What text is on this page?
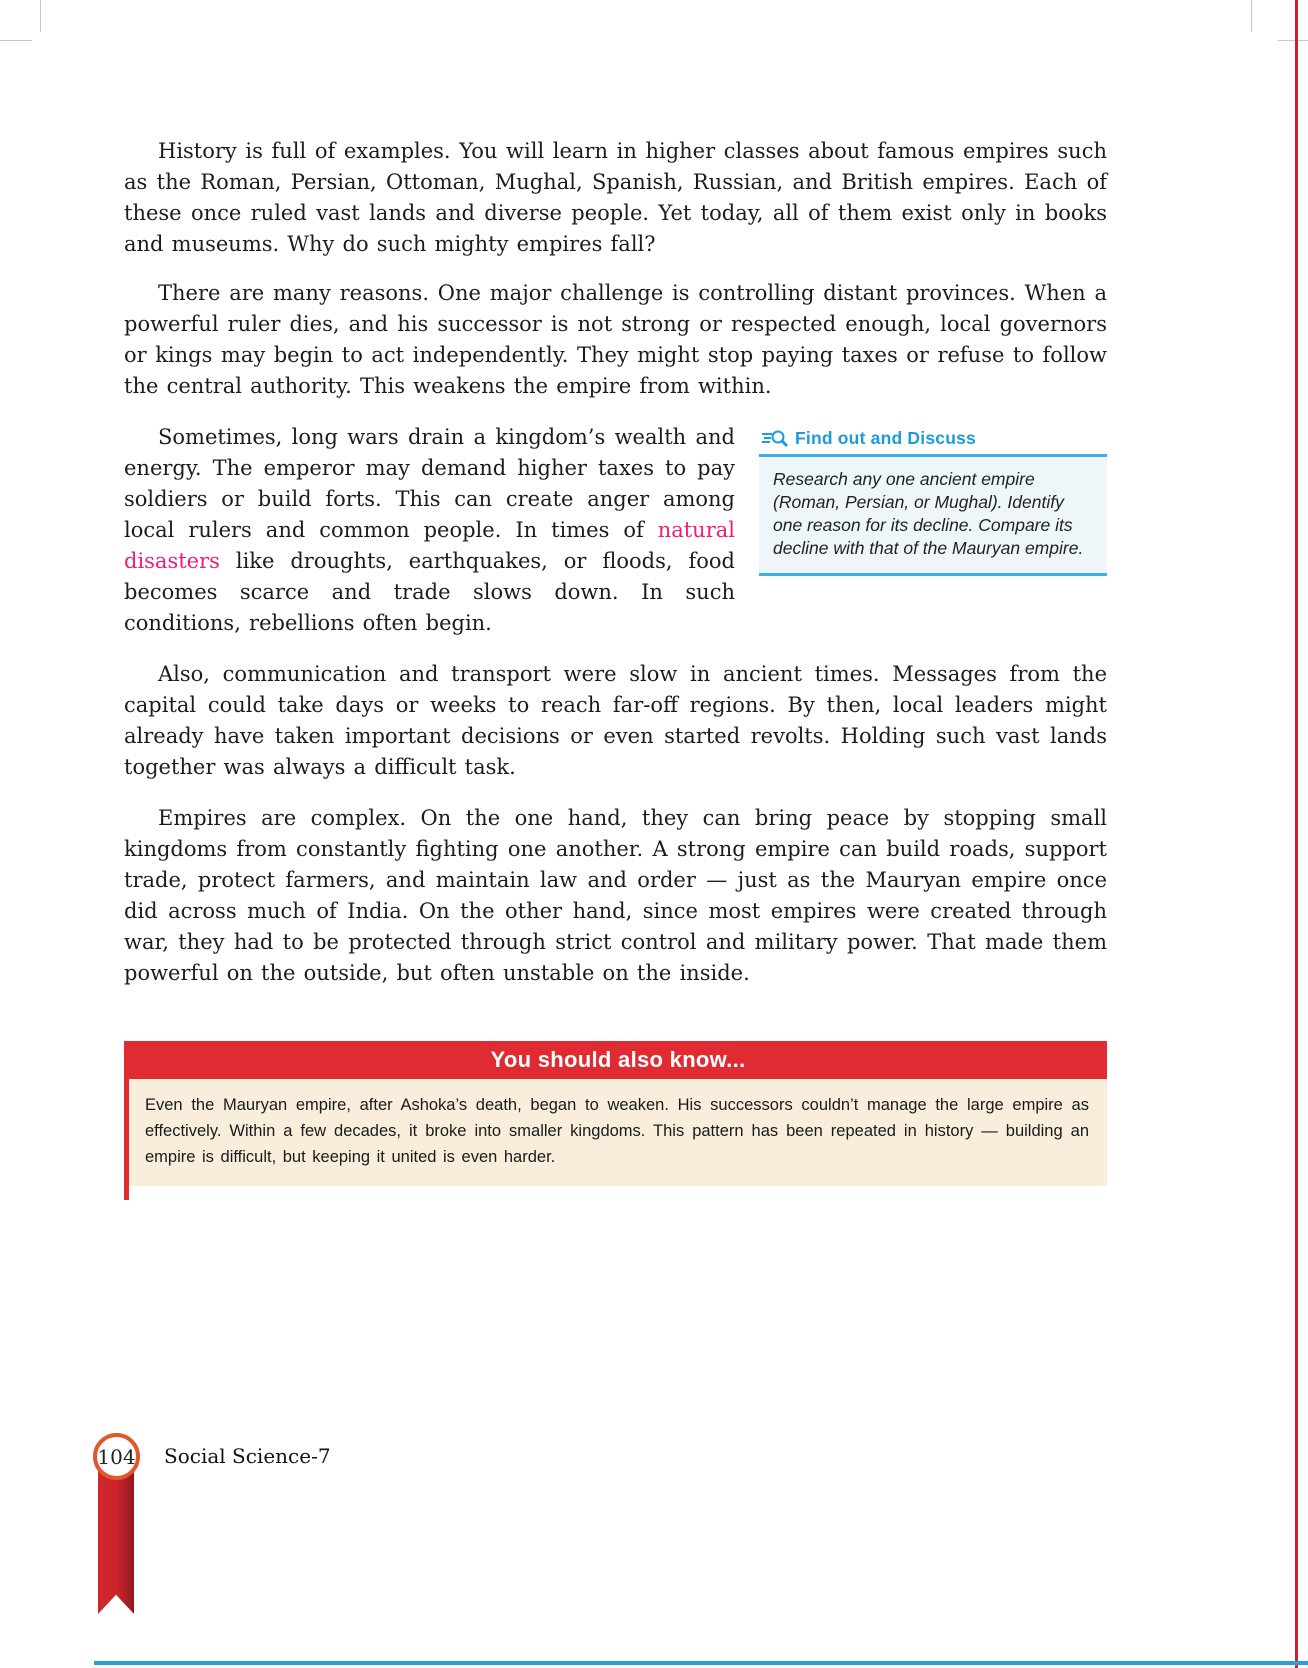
History is full of examples. You will learn in higher classes about famous empires such as the Roman, Persian, Ottoman, Mughal, Spanish, Russian, and British empires. Each of these once ruled vast lands and diverse people. Yet today, all of them exist only in books and museums. Why do such mighty empires fall?
There are many reasons. One major challenge is controlling distant provinces. When a powerful ruler dies, and his successor is not strong or respected enough, local governors or kings may begin to act independently. They might stop paying taxes or refuse to follow the central authority. This weakens the empire from within.
Find out and Discuss
Research any one ancient empire (Roman, Persian, or Mughal). Identify one reason for its decline. Compare its decline with that of the Mauryan empire.
Sometimes, long wars drain a kingdom’s wealth and energy. The emperor may demand higher taxes to pay soldiers or build forts. This can create anger among local rulers and common people. In times of natural disasters like droughts, earthquakes, or floods, food becomes scarce and trade slows down. In such conditions, rebellions often begin.
Also, communication and transport were slow in ancient times. Messages from the capital could take days or weeks to reach far-off regions. By then, local leaders might already have taken important decisions or even started revolts. Holding such vast lands together was always a difficult task.
Empires are complex. On the one hand, they can bring peace by stopping small kingdoms from constantly fighting one another. A strong empire can build roads, support trade, protect farmers, and maintain law and order — just as the Mauryan empire once did across much of India. On the other hand, since most empires were created through war, they had to be protected through strict control and military power. That made them powerful on the outside, but often unstable on the inside.
You should also know...
Even the Mauryan empire, after Ashoka’s death, began to weaken. His successors couldn’t manage the large empire as effectively. Within a few decades, it broke into smaller kingdoms. This pattern has been repeated in history — building an empire is difficult, but keeping it united is even harder.
104 Social Science-7
